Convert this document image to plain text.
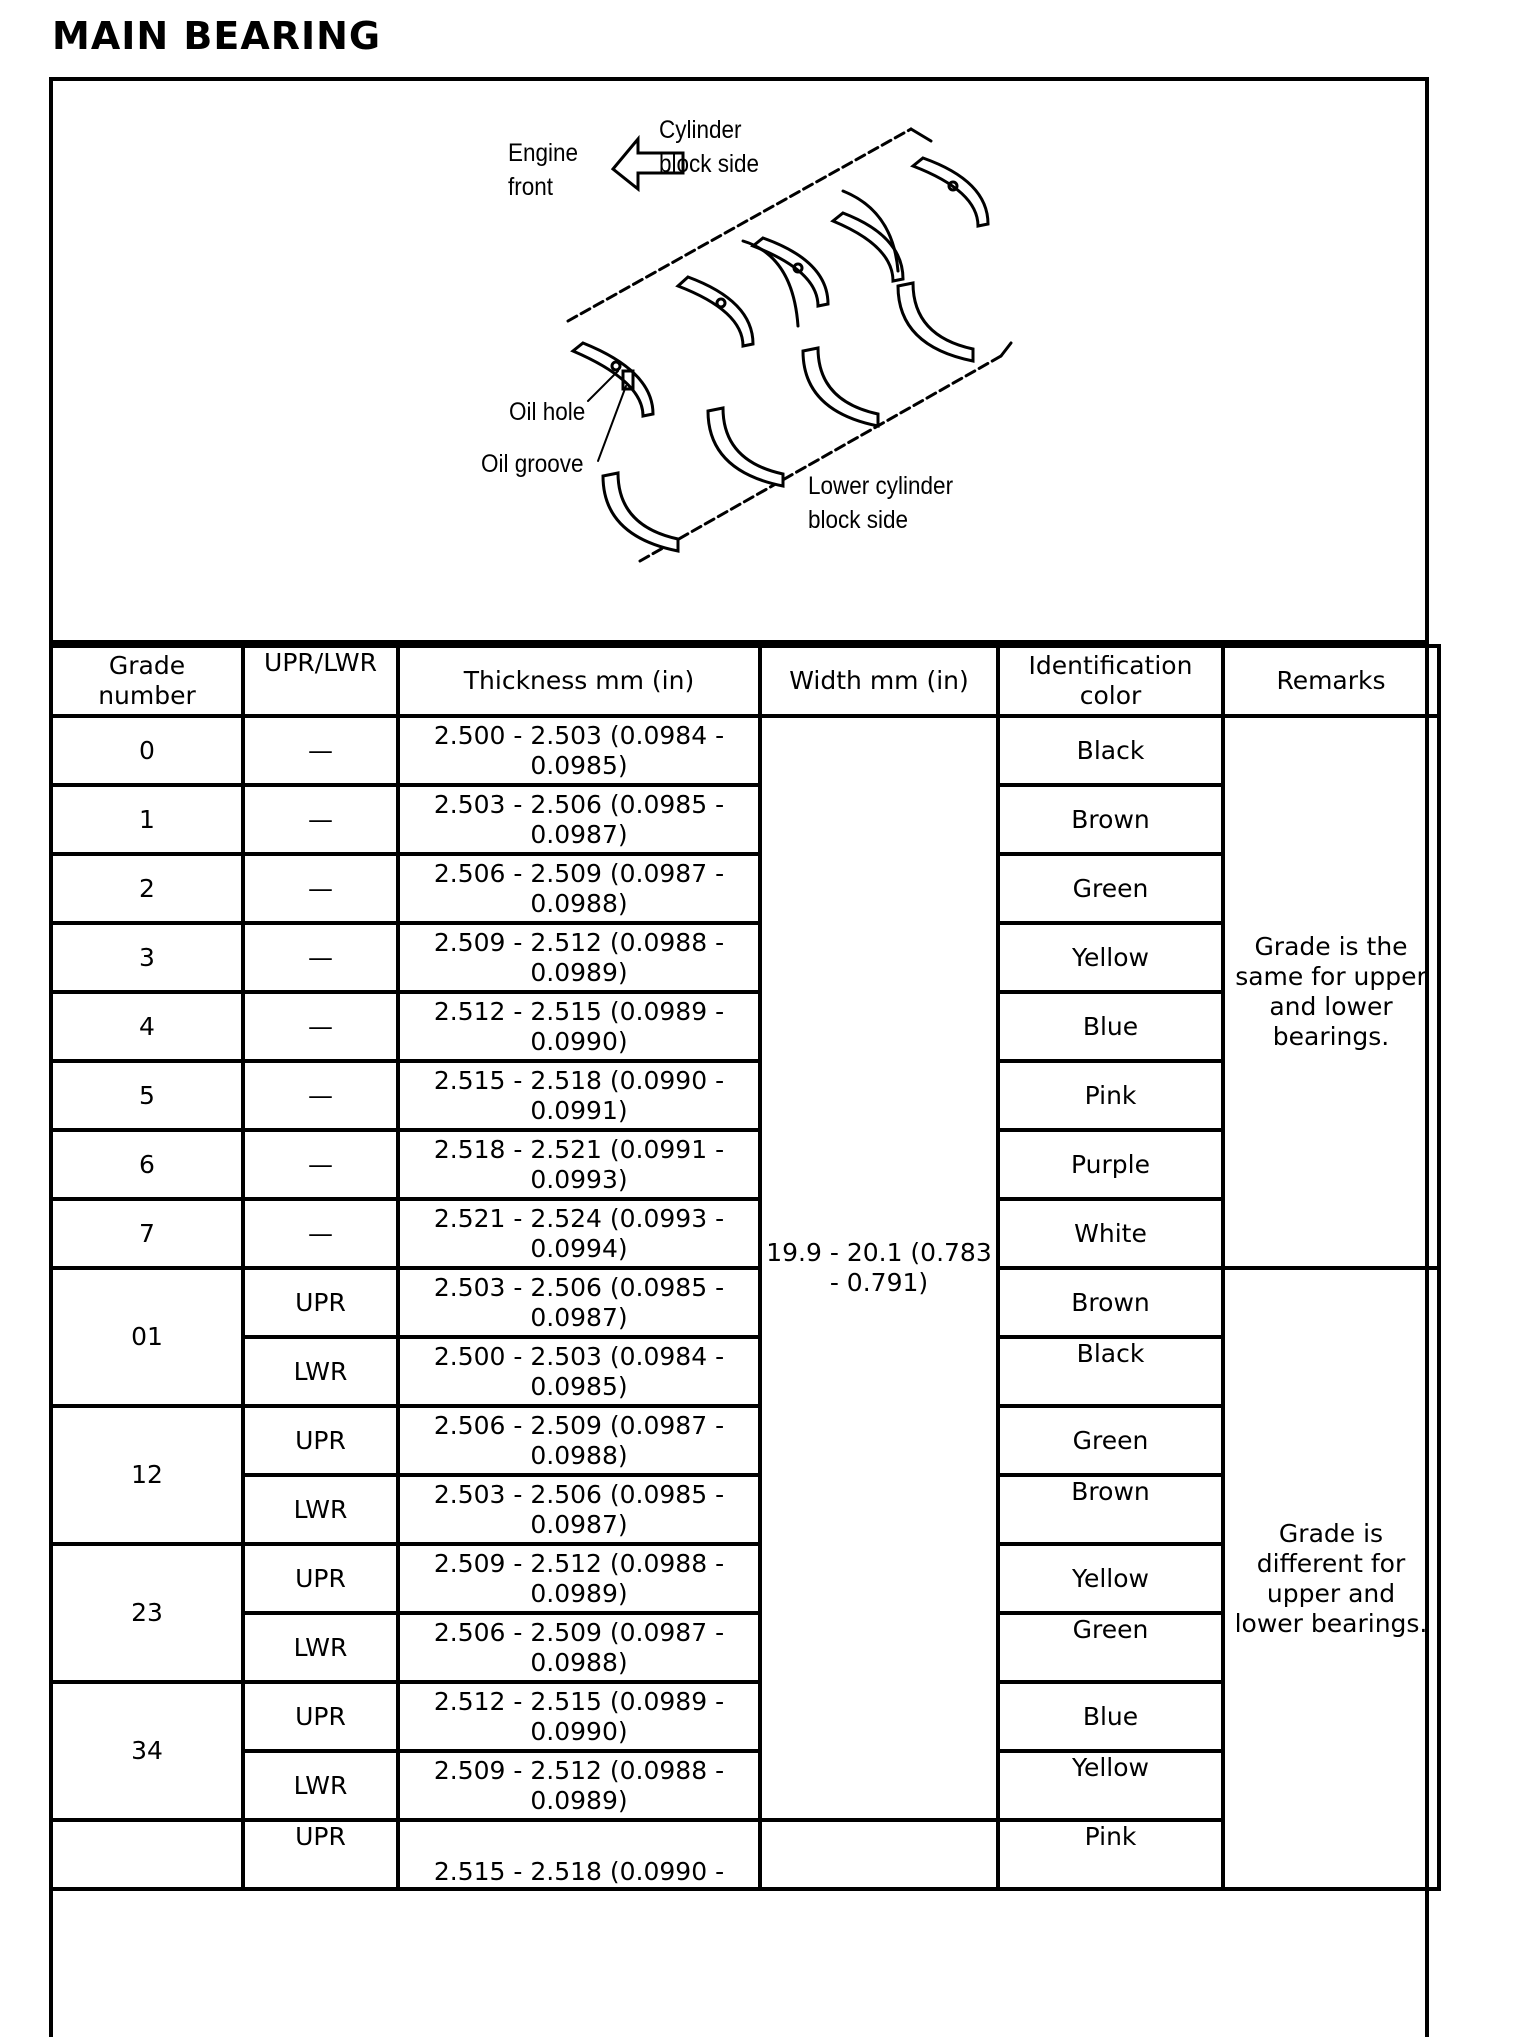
MAIN BEARING
Engine
front
Cylinder
block side
Oil hole
Oil groove
Lower cylinder
block side
Grade number	UPR/LWR	Thickness mm (in)	Width mm (in)	Identification color	Remarks
0	—	2.500 - 2.503 (0.0984 - 0.0985)	19.9 - 20.1 (0.783 - 0.791)	Black	Grade is the same for upper and lower bearings.
1	—	2.503 - 2.506 (0.0985 - 0.0987)		Brown	
2	—	2.506 - 2.509 (0.0987 - 0.0988)		Green	
3	—	2.509 - 2.512 (0.0988 - 0.0989)		Yellow	
4	—	2.512 - 2.515 (0.0989 - 0.0990)		Blue	
5	—	2.515 - 2.518 (0.0990 - 0.0991)		Pink	
6	—	2.518 - 2.521 (0.0991 - 0.0993)		Purple	
7	—	2.521 - 2.524 (0.0993 - 0.0994)		White	
01	UPR	2.503 - 2.506 (0.0985 - 0.0987)		Brown	Grade is different for upper and lower bearings.
	LWR	2.500 - 2.503 (0.0984 - 0.0985)		Black	
12	UPR	2.506 - 2.509 (0.0987 - 0.0988)		Green	
	LWR	2.503 - 2.506 (0.0985 - 0.0987)		Brown	
23	UPR	2.509 - 2.512 (0.0988 - 0.0989)		Yellow	
	LWR	2.506 - 2.509 (0.0987 - 0.0988)		Green	
34	UPR	2.512 - 2.515 (0.0989 - 0.0990)		Blue	
	LWR	2.509 - 2.512 (0.0988 - 0.0989)		Yellow	
	UPR	2.515 - 2.518 (0.0990 -		Pink	
